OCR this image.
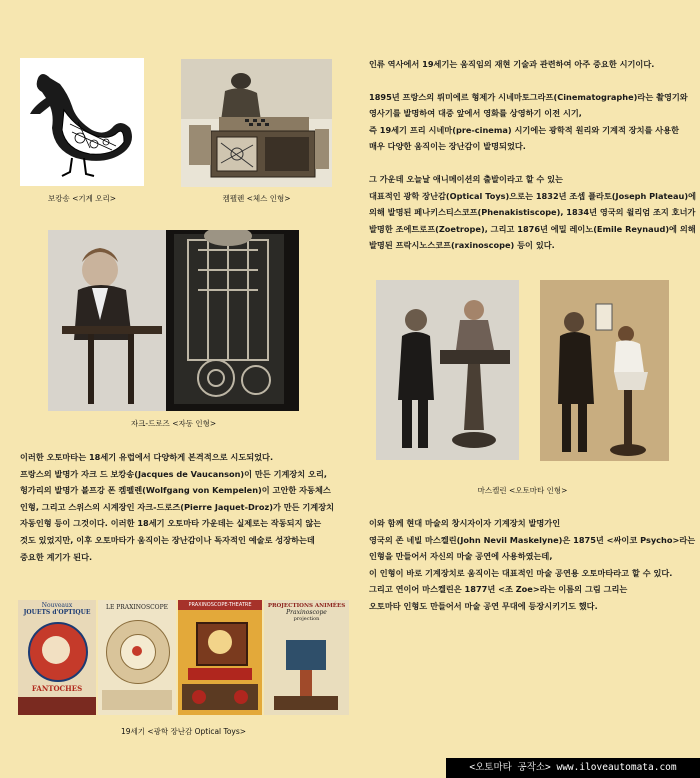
보캉송 <기계 오리>	켐펠렌 <체스 인형>
자크-드로즈 <자동 인형>

인류 역사에서 19세기는 움직임의 재현 기술과 관련하여 아주 중요한 시기이다.

1895년 프랑스의 뤼미에르 형제가 시네마토그라프(Cinematographe)라는 촬영기와

영사기를 발명하여 대중 앞에서 영화를 상영하기 이전 시기,

즉 19세기 프리 시네마(pre-cinema) 시기에는 광학적 원리와 기계적 장치를 사용한

매우 다양한 움직이는 장난감이 발명되었다.

그 가운데 오늘날 애니메이션의 출발이라고 할 수 있는

대표적인 광학 장난감(Optical Toys)으로는 1832년 조셉 플라토(Joseph Plateau)에

의해 발명된 페나키스티스코프(Phenakistiscope), 1834년 영국의 윌리엄 조지 호너가

발명한 조에트로프(Zoetrope), 그리고 1876년 에밀 레이노(Emile Reynaud)에 의해

발명된 프락시노스코프(raxinoscope) 등이 있다.

마스켈린 <오토마타 인형>

이러한 오토마타는 18세기 유럽에서 다양하게 본격적으로 시도되었다.

프랑스의 발명가 자크 드 보캉송(Jacques de Vaucanson)이 만든 기계장치 오리,

헝가리의 발명가 볼프강 폰 켐펠렌(Wolfgang von Kempelen)이 고안한 자동체스

인형, 그리고 스위스의 시계장인 자크-드로즈(Pierre Jaquet-Droz)가 만든 기계장치

자동인형 등이 그것이다. 이러한 18세기 오토마타 가운데는 실제로는 작동되지 않는

것도 있었지만, 이후 오토마타가 움직이는 장난감이나 독자적인 예술로 성장하는데

중요한 계기가 된다.

이와 함께 현대 마술의 창시자이자 기계장치 발명가인

영국의 존 네빌 마스켈린(John Nevil Maskelyne)은 1875년 <싸이코 Psycho>라는

인형을 만들어서 자신의 마술 공연에 사용하였는데,

이 인형이 바로 기계장치로 움직이는 대표적인 마술 공연용 오토마타라고 할 수 있다.

그리고 연이어 마스켈린은 1877년 <조 Zoe>라는 이름의 그림 그리는

오토마타 인형도 만들어서 마술 공연 무대에 등장시키기도 했다.

Nouveaux
JOUETS d'OPTIQUE
FANTOCHES
LE PRAXINOSCOPE	PRAXINOSCOPE-THEATRE	PROJECTIONS ANIMÉES
Praxinoscope
projection
19세기 <광학 장난감 Optical Toys>
<오토마타 공작소> www.iloveautomata.com
